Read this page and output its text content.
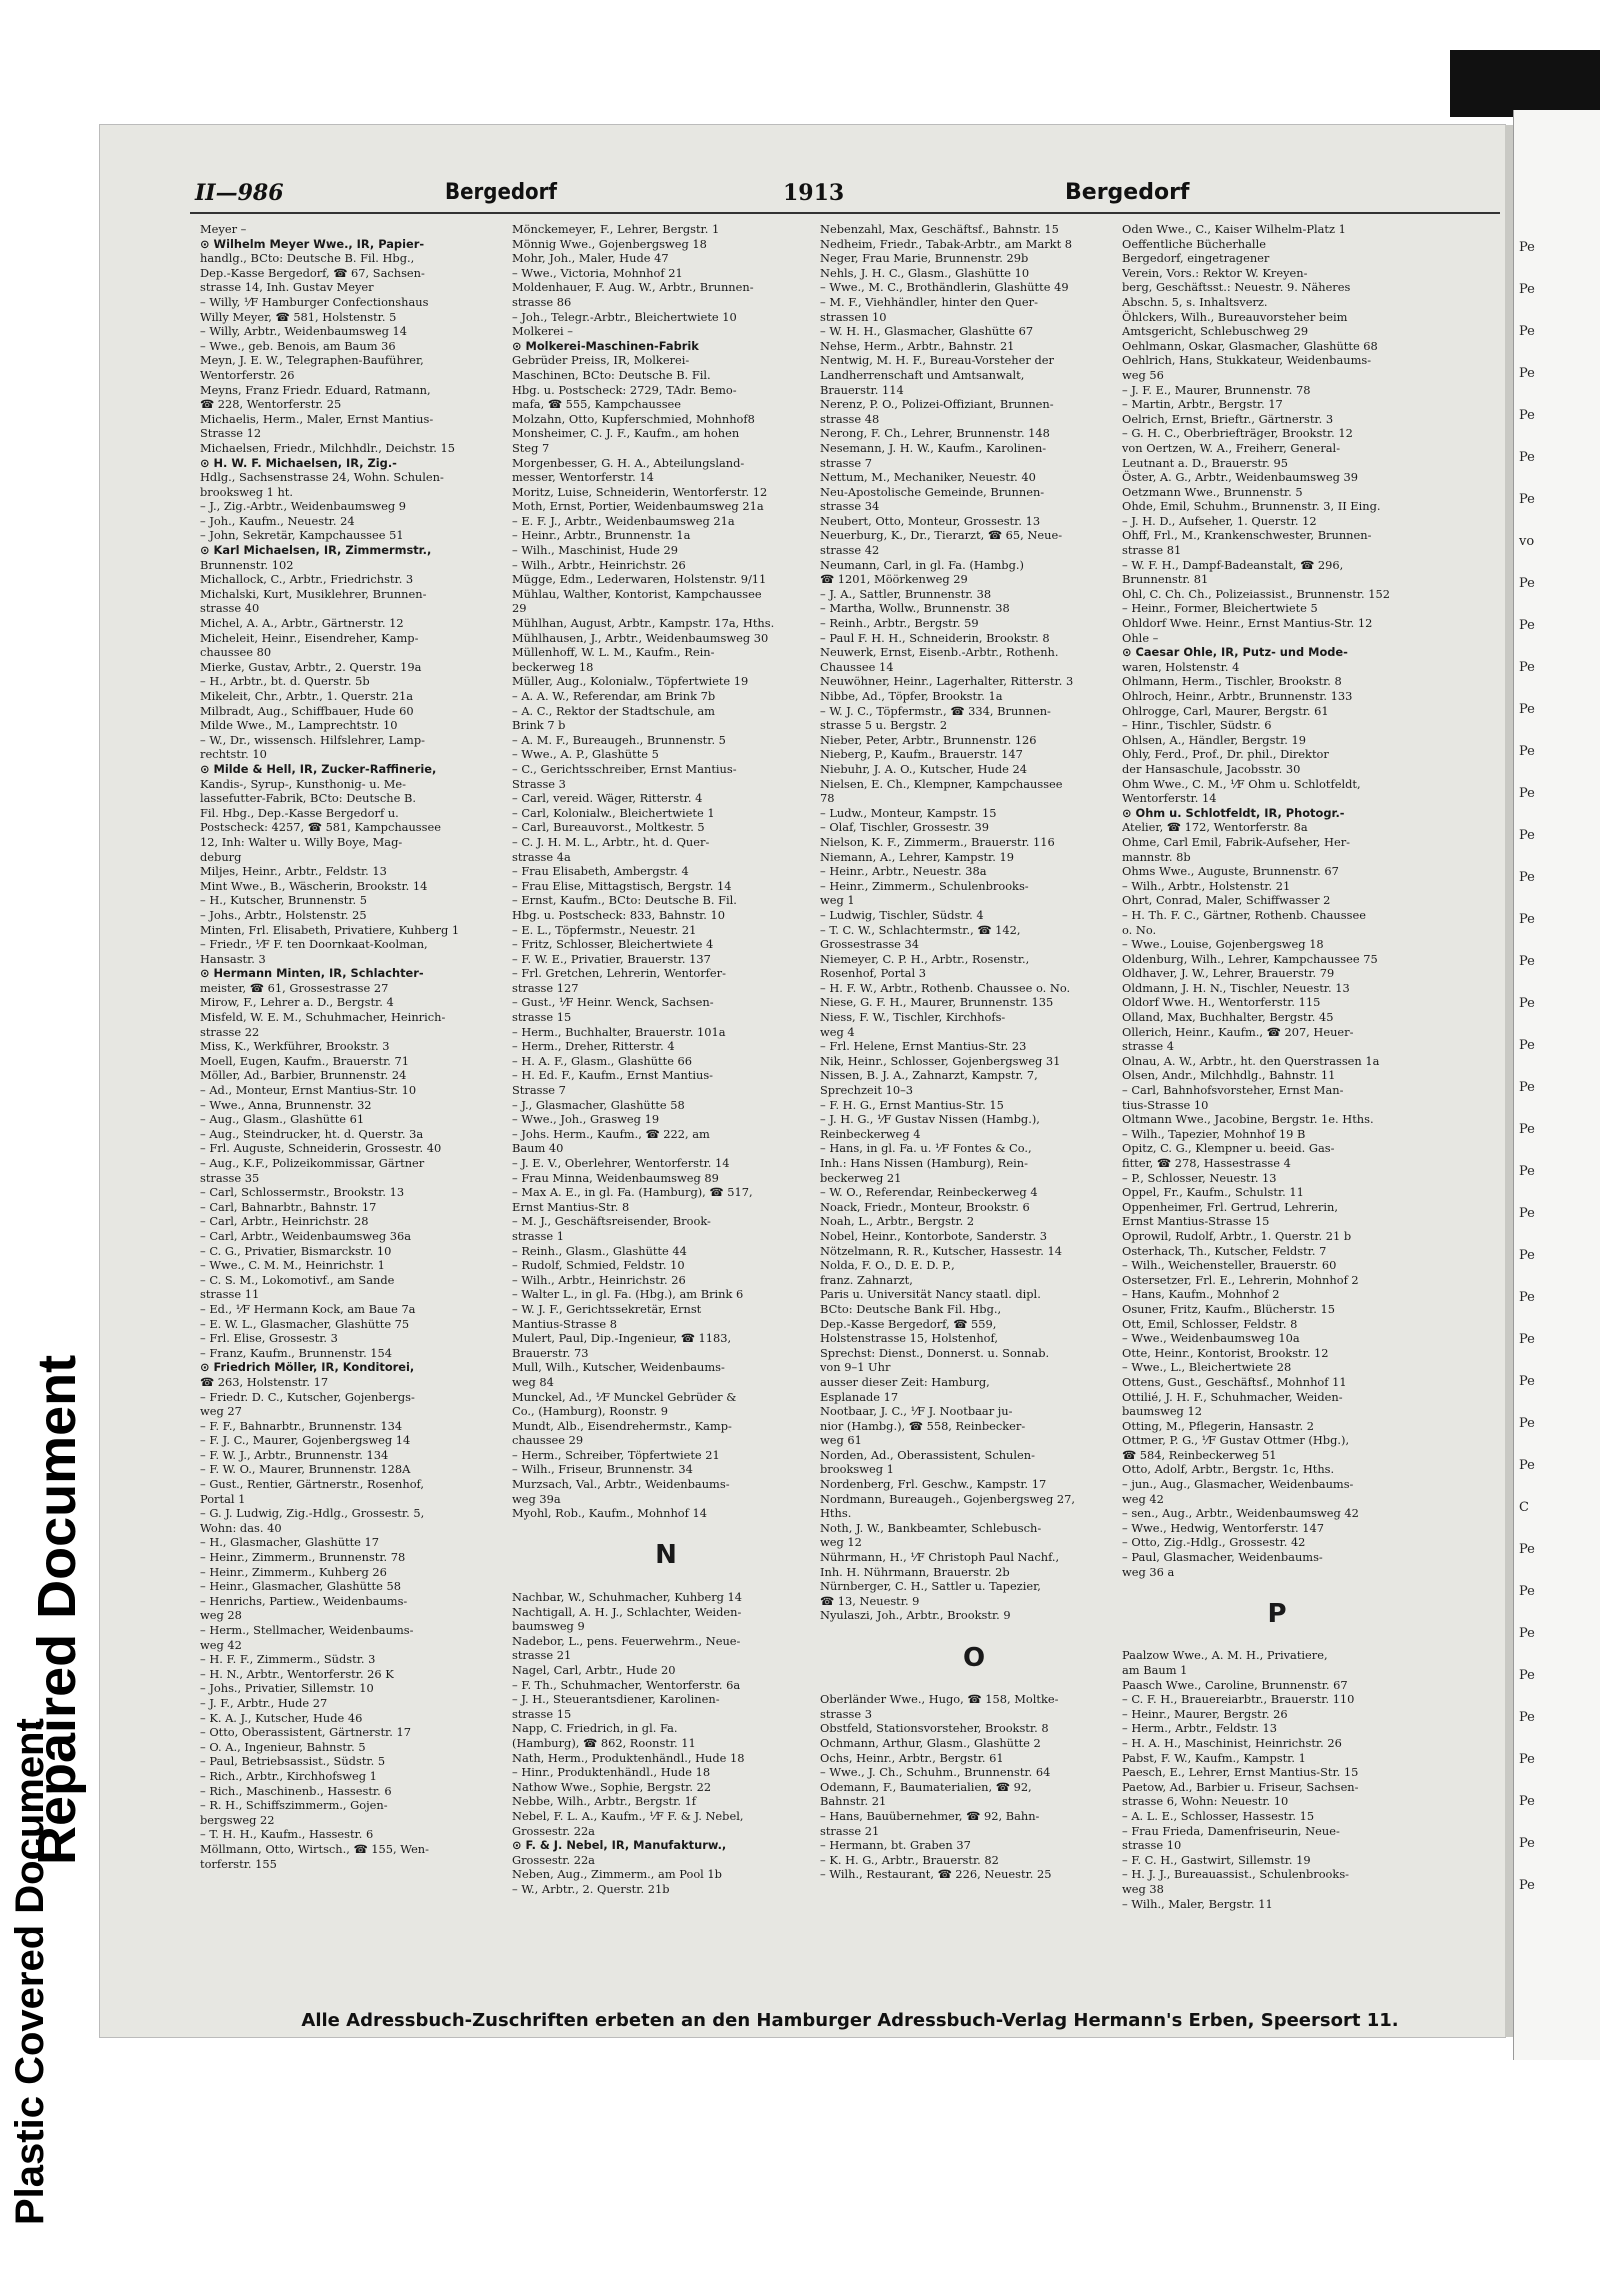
Plastic Covered Document
Repaired Document
II—986	Bergedorf	1913	Bergedorf
Meyer –
⊙ Wilhelm Meyer Wwe., IR, Papier-
handlg., BCto: Deutsche B. Fil. Hbg.,
Dep.-Kasse Bergedorf, ☎ 67, Sachsen-
strasse 14, Inh. Gustav Meyer
– Willy, ⅟F Hamburger Confectionshaus
Willy Meyer, ☎ 581, Holstenstr. 5
– Willy, Arbtr., Weidenbaumsweg 14
– Wwe., geb. Benois, am Baum 36
Meyn, J. E. W., Telegraphen-Bauführer,
Wentorferstr. 26
Meyns, Franz Friedr. Eduard, Ratmann,
☎ 228, Wentorferstr. 25
Michaelis, Herm., Maler, Ernst Mantius-
Strasse 12
Michaelsen, Friedr., Milchhdlr., Deichstr. 15
⊙ H. W. F. Michaelsen, IR, Zig.-
Hdlg., Sachsenstrasse 24, Wohn. Schulen-
brooksweg 1 ht.
– J., Zig.-Arbtr., Weidenbaumsweg 9
– Joh., Kaufm., Neuestr. 24
– John, Sekretär, Kampchaussee 51
⊙ Karl Michaelsen, IR, Zimmermstr.,
Brunnenstr. 102
Michallock, C., Arbtr., Friedrichstr. 3
Michalski, Kurt, Musiklehrer, Brunnen-
strasse 40
Michel, A. A., Arbtr., Gärtnerstr. 12
Micheleit, Heinr., Eisendreher, Kamp-
chaussee 80
Mierke, Gustav, Arbtr., 2. Querstr. 19a
– H., Arbtr., bt. d. Querstr. 5b
Mikeleit, Chr., Arbtr., 1. Querstr. 21a
Milbradt, Aug., Schiffbauer, Hude 60
Milde Wwe., M., Lamprechtstr. 10
– W., Dr., wissensch. Hilfslehrer, Lamp-
rechtstr. 10
⊙ Milde & Hell, IR, Zucker-Raffinerie,
Kandis-, Syrup-, Kunsthonig- u. Me-
lassefutter-Fabrik, BCto: Deutsche B.
Fil. Hbg., Dep.-Kasse Bergedorf u.
Postscheck: 4257, ☎ 581, Kampchaussee
12, Inh: Walter u. Willy Boye, Mag-
deburg
Miljes, Heinr., Arbtr., Feldstr. 13
Mint Wwe., B., Wäscherin, Brookstr. 14
– H., Kutscher, Brunnenstr. 5
– Johs., Arbtr., Holstenstr. 25
Minten, Frl. Elisabeth, Privatiere, Kuhberg 1
– Friedr., ⅟F F. ten Doornkaat-Koolman,
Hansastr. 3
⊙ Hermann Minten, IR, Schlachter-
meister, ☎ 61, Grossestrasse 27
Mirow, F., Lehrer a. D., Bergstr. 4
Misfeld, W. E. M., Schuhmacher, Heinrich-
strasse 22
Miss, K., Werkführer, Brookstr. 3
Moell, Eugen, Kaufm., Brauerstr. 71
Möller, Ad., Barbier, Brunnenstr. 24
– Ad., Monteur, Ernst Mantius-Str. 10
– Wwe., Anna, Brunnenstr. 32
– Aug., Glasm., Glashütte 61
– Aug., Steindrucker, ht. d. Querstr. 3a
– Frl. Auguste, Schneiderin, Grossestr. 40
– Aug., K.F., Polizeikommissar, Gärtner
strasse 35
– Carl, Schlossermstr., Brookstr. 13
– Carl, Bahnarbtr., Bahnstr. 17
– Carl, Arbtr., Heinrichstr. 28
– Carl, Arbtr., Weidenbaumsweg 36a
– C. G., Privatier, Bismarckstr. 10
– Wwe., C. M. M., Heinrichstr. 1
– C. S. M., Lokomotivf., am Sande
strasse 11
– Ed., ⅟F Hermann Kock, am Baue 7a
– E. W. L., Glasmacher, Glashütte 75
– Frl. Elise, Grossestr. 3
– Franz, Kaufm., Brunnenstr. 154
⊙ Friedrich Möller, IR, Konditorei,
☎ 263, Holstenstr. 17
– Friedr. D. C., Kutscher, Gojenbergs-
weg 27
– F. F., Bahnarbtr., Brunnenstr. 134
– F. J. C., Maurer, Gojenbergsweg 14
– F. W. J., Arbtr., Brunnenstr. 134
– F. W. O., Maurer, Brunnenstr. 128A
– Gust., Rentier, Gärtnerstr., Rosenhof,
Portal 1
– G. J. Ludwig, Zig.-Hdlg., Grossestr. 5,
Wohn: das. 40
– H., Glasmacher, Glashütte 17
– Heinr., Zimmerm., Brunnenstr. 78
– Heinr., Zimmerm., Kuhberg 26
– Heinr., Glasmacher, Glashütte 58
– Henrichs, Partiew., Weidenbaums-
weg 28
– Herm., Stellmacher, Weidenbaums-
weg 42
– H. F. F., Zimmerm., Südstr. 3
– H. N., Arbtr., Wentorferstr. 26 K
– Johs., Privatier, Sillemstr. 10
– J. F., Arbtr., Hude 27
– K. A. J., Kutscher, Hude 46
– Otto, Oberassistent, Gärtnerstr. 17
– O. A., Ingenieur, Bahnstr. 5
– Paul, Betriebsassist., Südstr. 5
– Rich., Arbtr., Kirchhofsweg 1
– Rich., Maschinenb., Hassestr. 6
– R. H., Schiffszimmerm., Gojen-
bergsweg 22
– T. H. H., Kaufm., Hassestr. 6
Möllmann, Otto, Wirtsch., ☎ 155, Wen-
torferstr. 155
Mönckemeyer, F., Lehrer, Bergstr. 1
Mönnig Wwe., Gojenbergsweg 18
Mohr, Joh., Maler, Hude 47
– Wwe., Victoria, Mohnhof 21
Moldenhauer, F. Aug. W., Arbtr., Brunnen-
strasse 86
– Joh., Telegr.-Arbtr., Bleichertwiete 10
Molkerei –
⊙ Molkerei-Maschinen-Fabrik
Gebrüder Preiss, IR, Molkerei-
Maschinen, BCto: Deutsche B. Fil.
Hbg. u. Postscheck: 2729, TAdr. Bemo-
mafa, ☎ 555, Kampchaussee
Molzahn, Otto, Kupferschmied, Mohnhof8
Monsheimer, C. J. F., Kaufm., am hohen
Steg 7
Morgenbesser, G. H. A., Abteilungsland-
messer, Wentorferstr. 14
Moritz, Luise, Schneiderin, Wentorferstr. 12
Moth, Ernst, Portier, Weidenbaumsweg 21a
– E. F. J., Arbtr., Weidenbaumsweg 21a
– Heinr., Arbtr., Brunnenstr. 1a
– Wilh., Maschinist, Hude 29
– Wilh., Arbtr., Heinrichstr. 26
Mügge, Edm., Lederwaren, Holstenstr. 9/11
Mühlau, Walther, Kontorist, Kampchaussee
29
Mühlhan, August, Arbtr., Kampstr. 17a, Hths.
Mühlhausen, J., Arbtr., Weidenbaumsweg 30
Müllenhoff, W. L. M., Kaufm., Rein-
beckerweg 18
Müller, Aug., Kolonialw., Töpfertwiete 19
– A. A. W., Referendar, am Brink 7b
– A. C., Rektor der Stadtschule, am
Brink 7 b
– A. M. F., Bureaugeh., Brunnenstr. 5
– Wwe., A. P., Glashütte 5
– C., Gerichtsschreiber, Ernst Mantius-
Strasse 3
– Carl, vereid. Wäger, Ritterstr. 4
– Carl, Kolonialw., Bleichertwiete 1
– Carl, Bureauvorst., Moltkestr. 5
– C. J. H. M. L., Arbtr., ht. d. Quer-
strasse 4a
– Frau Elisabeth, Ambergstr. 4
– Frau Elise, Mittagstisch, Bergstr. 14
– Ernst, Kaufm., BCto: Deutsche B. Fil.
Hbg. u. Postscheck: 833, Bahnstr. 10
– E. L., Töpfermstr., Neuestr. 21
– Fritz, Schlosser, Bleichertwiete 4
– F. W. E., Privatier, Brauerstr. 137
– Frl. Gretchen, Lehrerin, Wentorfer-
strasse 127
– Gust., ⅟F Heinr. Wenck, Sachsen-
strasse 15
– Herm., Buchhalter, Brauerstr. 101a
– Herm., Dreher, Ritterstr. 4
– H. A. F., Glasm., Glashütte 66
– H. Ed. F., Kaufm., Ernst Mantius-
Strasse 7
– J., Glasmacher, Glashütte 58
– Wwe., Joh., Grasweg 19
– Johs. Herm., Kaufm., ☎ 222, am
Baum 40
– J. E. V., Oberlehrer, Wentorferstr. 14
– Frau Minna, Weidenbaumsweg 89
– Max A. E., in gl. Fa. (Hamburg), ☎ 517,
Ernst Mantius-Str. 8
– M. J., Geschäftsreisender, Brook-
strasse 1
– Reinh., Glasm., Glashütte 44
– Rudolf, Schmied, Feldstr. 10
– Wilh., Arbtr., Heinrichstr. 26
– Walter L., in gl. Fa. (Hbg.), am Brink 6
– W. J. F., Gerichtssekretär, Ernst
Mantius-Strasse 8
Mulert, Paul, Dip.-Ingenieur, ☎ 1183,
Brauerstr. 73
Mull, Wilh., Kutscher, Weidenbaums-
weg 84
Munckel, Ad., ⅟F Munckel Gebrüder &
Co., (Hamburg), Roonstr. 9
Mundt, Alb., Eisendrehermstr., Kamp-
chaussee 29
– Herm., Schreiber, Töpfertwiete 21
– Wilh., Friseur, Brunnenstr. 34
Murzsach, Val., Arbtr., Weidenbaums-
weg 39a
Myohl, Rob., Kaufm., Mohnhof 14

N

Nachbar, W., Schuhmacher, Kuhberg 14
Nachtigall, A. H. J., Schlachter, Weiden-
baumsweg 9
Nadebor, L., pens. Feuerwehrm., Neue-
strasse 21
Nagel, Carl, Arbtr., Hude 20
– F. Th., Schuhmacher, Wentorferstr. 6a
– J. H., Steuerantsdiener, Karolinen-
strasse 15
Napp, C. Friedrich, in gl. Fa.
(Hamburg), ☎ 862, Roonstr. 11
Nath, Herm., Produktenhändl., Hude 18
– Hinr., Produktenhändl., Hude 18
Nathow Wwe., Sophie, Bergstr. 22
Nebbe, Wilh., Arbtr., Bergstr. 1f
Nebel, F. L. A., Kaufm., ⅟F F. & J. Nebel,
Grossestr. 22a
⊙ F. & J. Nebel, IR, Manufakturw.,
Grossestr. 22a
Neben, Aug., Zimmerm., am Pool 1b
– W., Arbtr., 2. Querstr. 21b
Nebenzahl, Max, Geschäftsf., Bahnstr. 15
Nedheim, Friedr., Tabak-Arbtr., am Markt 8
Neger, Frau Marie, Brunnenstr. 29b
Nehls, J. H. C., Glasm., Glashütte 10
– Wwe., M. C., Brothändlerin, Glashütte 49
– M. F., Viehhändler, hinter den Quer-
strassen 10
– W. H. H., Glasmacher, Glashütte 67
Nehse, Herm., Arbtr., Bahnstr. 21
Nentwig, M. H. F., Bureau-Vorsteher der
Landherrenschaft und Amtsanwalt,
Brauerstr. 114
Nerenz, P. O., Polizei-Offiziant, Brunnen-
strasse 48
Nerong, F. Ch., Lehrer, Brunnenstr. 148
Nesemann, J. H. W., Kaufm., Karolinen-
strasse 7
Nettum, M., Mechaniker, Neuestr. 40
Neu-Apostolische Gemeinde, Brunnen-
strasse 34
Neubert, Otto, Monteur, Grossestr. 13
Neuerburg, K., Dr., Tierarzt, ☎ 65, Neue-
strasse 42
Neumann, Carl, in gl. Fa. (Hambg.)
☎ 1201, Möörkenweg 29
– J. A., Sattler, Brunnenstr. 38
– Martha, Wollw., Brunnenstr. 38
– Reinh., Arbtr., Bergstr. 59
– Paul F. H. H., Schneiderin, Brookstr. 8
Neuwerk, Ernst, Eisenb.-Arbtr., Rothenh.
Chaussee 14
Neuwöhner, Heinr., Lagerhalter, Ritterstr. 3
Nibbe, Ad., Töpfer, Brookstr. 1a
– W. J. C., Töpfermstr., ☎ 334, Brunnen-
strasse 5 u. Bergstr. 2
Nieber, Peter, Arbtr., Brunnenstr. 126
Nieberg, P., Kaufm., Brauerstr. 147
Niebuhr, J. A. O., Kutscher, Hude 24
Nielsen, E. Ch., Klempner, Kampchaussee
78
– Ludw., Monteur, Kampstr. 15
– Olaf, Tischler, Grossestr. 39
Nielson, K. F., Zimmerm., Brauerstr. 116
Niemann, A., Lehrer, Kampstr. 19
– Heinr., Arbtr., Neuestr. 38a
– Heinr., Zimmerm., Schulenbrooks-
weg 1
– Ludwig, Tischler, Südstr. 4
– T. C. W., Schlachtermstr., ☎ 142,
Grossestrasse 34
Niemeyer, C. P. H., Arbtr., Rosenstr.,
Rosenhof, Portal 3
– H. F. W., Arbtr., Rothenb. Chaussee o. No.
Niese, G. F. H., Maurer, Brunnenstr. 135
Niess, F. W., Tischler, Kirchhofs-
weg 4
– Frl. Helene, Ernst Mantius-Str. 23
Nik, Heinr., Schlosser, Gojenbergsweg 31
Nissen, B. J. A., Zahnarzt, Kampstr. 7,
Sprechzeit 10–3
– F. H. G., Ernst Mantius-Str. 15
– J. H. G., ⅟F Gustav Nissen (Hambg.),
Reinbeckerweg 4
– Hans, in gl. Fa. u. ⅟F Fontes & Co.,
Inh.: Hans Nissen (Hamburg), Rein-
beckerweg 21
– W. O., Referendar, Reinbeckerweg 4
Noack, Friedr., Monteur, Brookstr. 6
Noah, L., Arbtr., Bergstr. 2
Nobel, Heinr., Kontorbote, Sanderstr. 3
Nötzelmann, R. R., Kutscher, Hassestr. 14
Nolda, F. O., D. E. D. P.,
franz. Zahnarzt,
Paris u. Universität Nancy staatl. dipl.
BCto: Deutsche Bank Fil. Hbg.,
Dep.-Kasse Bergedorf, ☎ 559,
Holstenstrasse 15, Holstenhof,
Sprechst: Dienst., Donnerst. u. Sonnab.
von 9–1 Uhr
ausser dieser Zeit: Hamburg,
Esplanade 17
Nootbaar, J. C., ⅟F J. Nootbaar ju-
nior (Hambg.), ☎ 558, Reinbecker-
weg 61
Norden, Ad., Oberassistent, Schulen-
brooksweg 1
Nordenberg, Frl. Geschw., Kampstr. 17
Nordmann, Bureaugeh., Gojenbergsweg 27,
Hths.
Noth, J. W., Bankbeamter, Schlebusch-
weg 12
Nührmann, H., ⅟F Christoph Paul Nachf.,
Inh. H. Nührmann, Brauerstr. 2b
Nürnberger, C. H., Sattler u. Tapezier,
☎ 13, Neuestr. 9
Nyulaszi, Joh., Arbtr., Brookstr. 9

O

Oberländer Wwe., Hugo, ☎ 158, Moltke-
strasse 3
Obstfeld, Stationsvorsteher, Brookstr. 8
Ochmann, Arthur, Glasm., Glashütte 2
Ochs, Heinr., Arbtr., Bergstr. 61
– Wwe., J. Ch., Schuhm., Brunnenstr. 64
Odemann, F., Baumaterialien, ☎ 92,
Bahnstr. 21
– Hans, Bauübernehmer, ☎ 92, Bahn-
strasse 21
– Hermann, bt. Graben 37
– K. H. G., Arbtr., Brauerstr. 82
– Wilh., Restaurant, ☎ 226, Neuestr. 25
Oden Wwe., C., Kaiser Wilhelm-Platz 1
Oeffentliche Bücherhalle
Bergedorf, eingetragener
Verein, Vors.: Rektor W. Kreyen-
berg, Geschäftsst.: Neuestr. 9. Näheres
Abschn. 5, s. Inhaltsverz.
Öhlckers, Wilh., Bureauvorsteher beim
Amtsgericht, Schlebuschweg 29
Oehlmann, Oskar, Glasmacher, Glashütte 68
Oehlrich, Hans, Stukkateur, Weidenbaums-
weg 56
– J. F. E., Maurer, Brunnenstr. 78
– Martin, Arbtr., Bergstr. 17
Oelrich, Ernst, Brieftr., Gärtnerstr. 3
– G. H. C., Oberbriefträger, Brookstr. 12
von Oertzen, W. A., Freiherr, General-
Leutnant a. D., Brauerstr. 95
Öster, A. G., Arbtr., Weidenbaumsweg 39
Oetzmann Wwe., Brunnenstr. 5
Ohde, Emil, Schuhm., Brunnenstr. 3, II Eing.
– J. H. D., Aufseher, 1. Querstr. 12
Ohff, Frl., M., Krankenschwester, Brunnen-
strasse 81
– W. F. H., Dampf-Badeanstalt, ☎ 296,
Brunnenstr. 81
Ohl, C. Ch. Ch., Polizeiassist., Brunnenstr. 152
– Heinr., Former, Bleichertwiete 5
Ohldorf Wwe. Heinr., Ernst Mantius-Str. 12
Ohle –
⊙ Caesar Ohle, IR, Putz- und Mode-
waren, Holstenstr. 4
Ohlmann, Herm., Tischler, Brookstr. 8
Ohlroch, Heinr., Arbtr., Brunnenstr. 133
Ohlrogge, Carl, Maurer, Bergstr. 61
– Hinr., Tischler, Südstr. 6
Ohlsen, A., Händler, Bergstr. 19
Ohly, Ferd., Prof., Dr. phil., Direktor
der Hansaschule, Jacobsstr. 30
Ohm Wwe., C. M., ⅟F Ohm u. Schlotfeldt,
Wentorferstr. 14
⊙ Ohm u. Schlotfeldt, IR, Photogr.-
Atelier, ☎ 172, Wentorferstr. 8a
Ohme, Carl Emil, Fabrik-Aufseher, Her-
mannstr. 8b
Ohms Wwe., Auguste, Brunnenstr. 67
– Wilh., Arbtr., Holstenstr. 21
Ohrt, Conrad, Maler, Schiffwasser 2
– H. Th. F. C., Gärtner, Rothenb. Chaussee
o. No.
– Wwe., Louise, Gojenbergsweg 18
Oldenburg, Wilh., Lehrer, Kampchaussee 75
Oldhaver, J. W., Lehrer, Brauerstr. 79
Oldmann, J. H. N., Tischler, Neuestr. 13
Oldorf Wwe. H., Wentorferstr. 115
Olland, Max, Buchhalter, Bergstr. 45
Ollerich, Heinr., Kaufm., ☎ 207, Heuer-
strasse 4
Olnau, A. W., Arbtr., ht. den Querstrassen 1a
Olsen, Andr., Milchhdlg., Bahnstr. 11
– Carl, Bahnhofsvorsteher, Ernst Man-
tius-Strasse 10
Oltmann Wwe., Jacobine, Bergstr. 1e. Hths.
– Wilh., Tapezier, Mohnhof 19 B
Opitz, C. G., Klempner u. beeid. Gas-
fitter, ☎ 278, Hassestrasse 4
– P., Schlosser, Neuestr. 13
Oppel, Fr., Kaufm., Schulstr. 11
Oppenheimer, Frl. Gertrud, Lehrerin,
Ernst Mantius-Strasse 15
Oprowil, Rudolf, Arbtr., 1. Querstr. 21 b
Osterhack, Th., Kutscher, Feldstr. 7
– Wilh., Weichensteller, Brauerstr. 60
Ostersetzer, Frl. E., Lehrerin, Mohnhof 2
– Hans, Kaufm., Mohnhof 2
Osuner, Fritz, Kaufm., Blücherstr. 15
Ott, Emil, Schlosser, Feldstr. 8
– Wwe., Weidenbaumsweg 10a
Otte, Heinr., Kontorist, Brookstr. 12
– Wwe., L., Bleichertwiete 28
Ottens, Gust., Geschäftsf., Mohnhof 11
Ottilié, J. H. F., Schuhmacher, Weiden-
baumsweg 12
Otting, M., Pflegerin, Hansastr. 2
Ottmer, P. G., ⅟F Gustav Ottmer (Hbg.),
☎ 584, Reinbeckerweg 51
Otto, Adolf, Arbtr., Bergstr. 1c, Hths.
– jun., Aug., Glasmacher, Weidenbaums-
weg 42
– sen., Aug., Arbtr., Weidenbaumsweg 42
– Wwe., Hedwig, Wentorferstr. 147
– Otto, Zig.-Hdlg., Grossestr. 42
– Paul, Glasmacher, Weidenbaums-
weg 36 a

P

Paalzow Wwe., A. M. H., Privatiere,
am Baum 1
Paasch Wwe., Caroline, Brunnenstr. 67
– C. F. H., Brauereiarbtr., Brauerstr. 110
– Heinr., Maurer, Bergstr. 26
– Herm., Arbtr., Feldstr. 13
– H. A. H., Maschinist, Heinrichstr. 26
Pabst, F. W., Kaufm., Kampstr. 1
Paesch, E., Lehrer, Ernst Mantius-Str. 15
Paetow, Ad., Barbier u. Friseur, Sachsen-
strasse 6, Wohn: Neuestr. 10
– A. L. E., Schlosser, Hassestr. 15
– Frau Frieda, Damenfriseurin, Neue-
strasse 10
– F. C. H., Gastwirt, Sillemstr. 19
– H. J. J., Bureauassist., Schulenbrooks-
weg 38
– Wilh., Maler, Bergstr. 11
Pe
Pe
Pe
Pe
Pe
Pe
Pe
vo
Pe
Pe
Pe
Pe
Pe
Pe
Pe
Pe
Pe
Pe
Pe
Pe
Pe
Pe
Pe
Pe
Pe
Pe
Pe
Pe
Pe
Pe
C
Pe
Pe
Pe
Pe
Pe
Pe
Pe
Pe
Pe
Alle Adressbuch-Zuschriften erbeten an den Hamburger Adressbuch-Verlag Hermann's Erben, Speersort 11.
